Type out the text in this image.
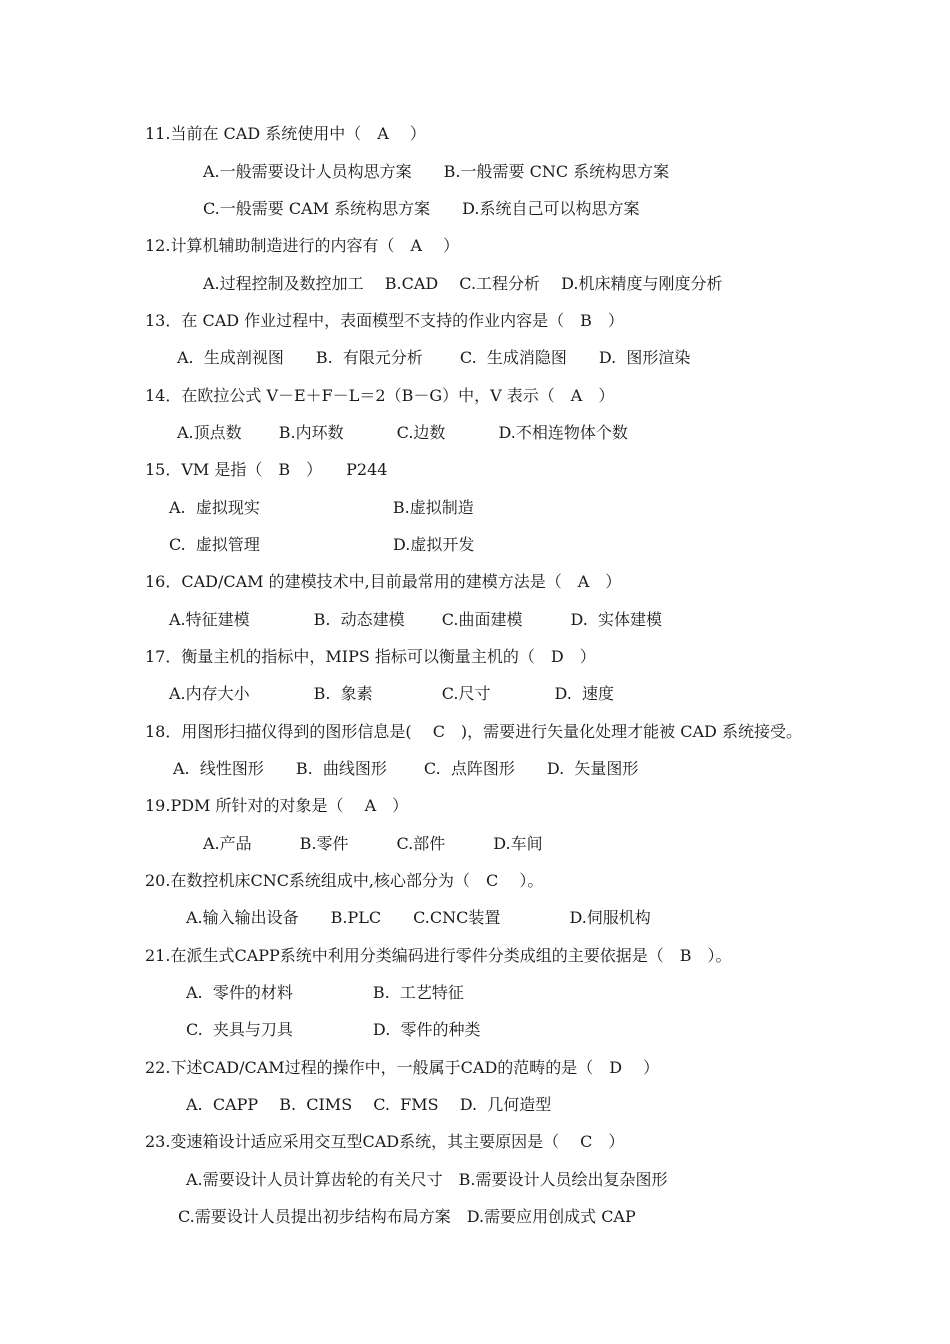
11.当前在 CAD 系统使用中（　A　 ）
A.一般需要设计人员构思方案　　B.一般需要 CNC 系统构思方案
C.一般需要 CAM 系统构思方案　　D.系统自己可以构思方案
12.计算机辅助制造进行的内容有（　A　 ）
A.过程控制及数控加工　 B.CAD　 C.工程分析　 D.机床精度与刚度分析
13．在 CAD 作业过程中，表面模型不支持的作业内容是（　B　）
A.  生成剖视图　　B.  有限元分析　　 C.  生成消隐图　　D.  图形渲染
14．在欧拉公式 V－E＋F－L＝2（B－G）中，V 表示（　A　）
A.顶点数　　 B.内环数　　　 C.边数　　　 D.不相连物体个数
15．VM 是指（　B　）　　P244
A.  虚拟现实　　　　　　　　 B.虚拟制造
C.  虚拟管理　　　　　　　　 D.虚拟开发
16．CAD/CAM 的建模技术中,目前最常用的建模方法是（　A　）
A.特征建模　　　　B.  动态建模　　 C.曲面建模　　　D.  实体建模
17．衡量主机的指标中，MIPS 指标可以衡量主机的（　D　）
A.内存大小　　　　B.  象素　　　　 C.尺寸　　　　D.  速度
18．用图形扫描仪得到的图形信息是(　 C　)，需要进行矢量化处理才能被 CAD 系统接受。
A.  线性图形　　B.  曲线图形　　 C.  点阵图形　　D.  矢量图形
19.PDM 所针对的对象是（　 A　）
A.产品　　　B.零件　　　C.部件　　　D.车间
20.在数控机床CNC系统组成中,核心部分为（　C　 ）。
A.输入输出设备　　B.PLC　　C.CNC装置　　　　 D.伺服机构
21.在派生式CAPP系统中利用分类编码进行零件分类成组的主要依据是（　B　）。
A.  零件的材料　　　　　B.  工艺特征
C.  夹具与刀具　　　　　D.  零件的种类
22.下述CAD/CAM过程的操作中，一般属于CAD的范畴的是（　D　 ）
A.  CAPP　 B.  CIMS　 C.  FMS　 D.  几何造型
23.变速箱设计适应采用交互型CAD系统，其主要原因是（　 C　）
A.需要设计人员计算齿轮的有关尺寸　B.需要设计人员绘出复杂图形
C.需要设计人员提出初步结构布局方案　D.需要应用创成式 CAP
